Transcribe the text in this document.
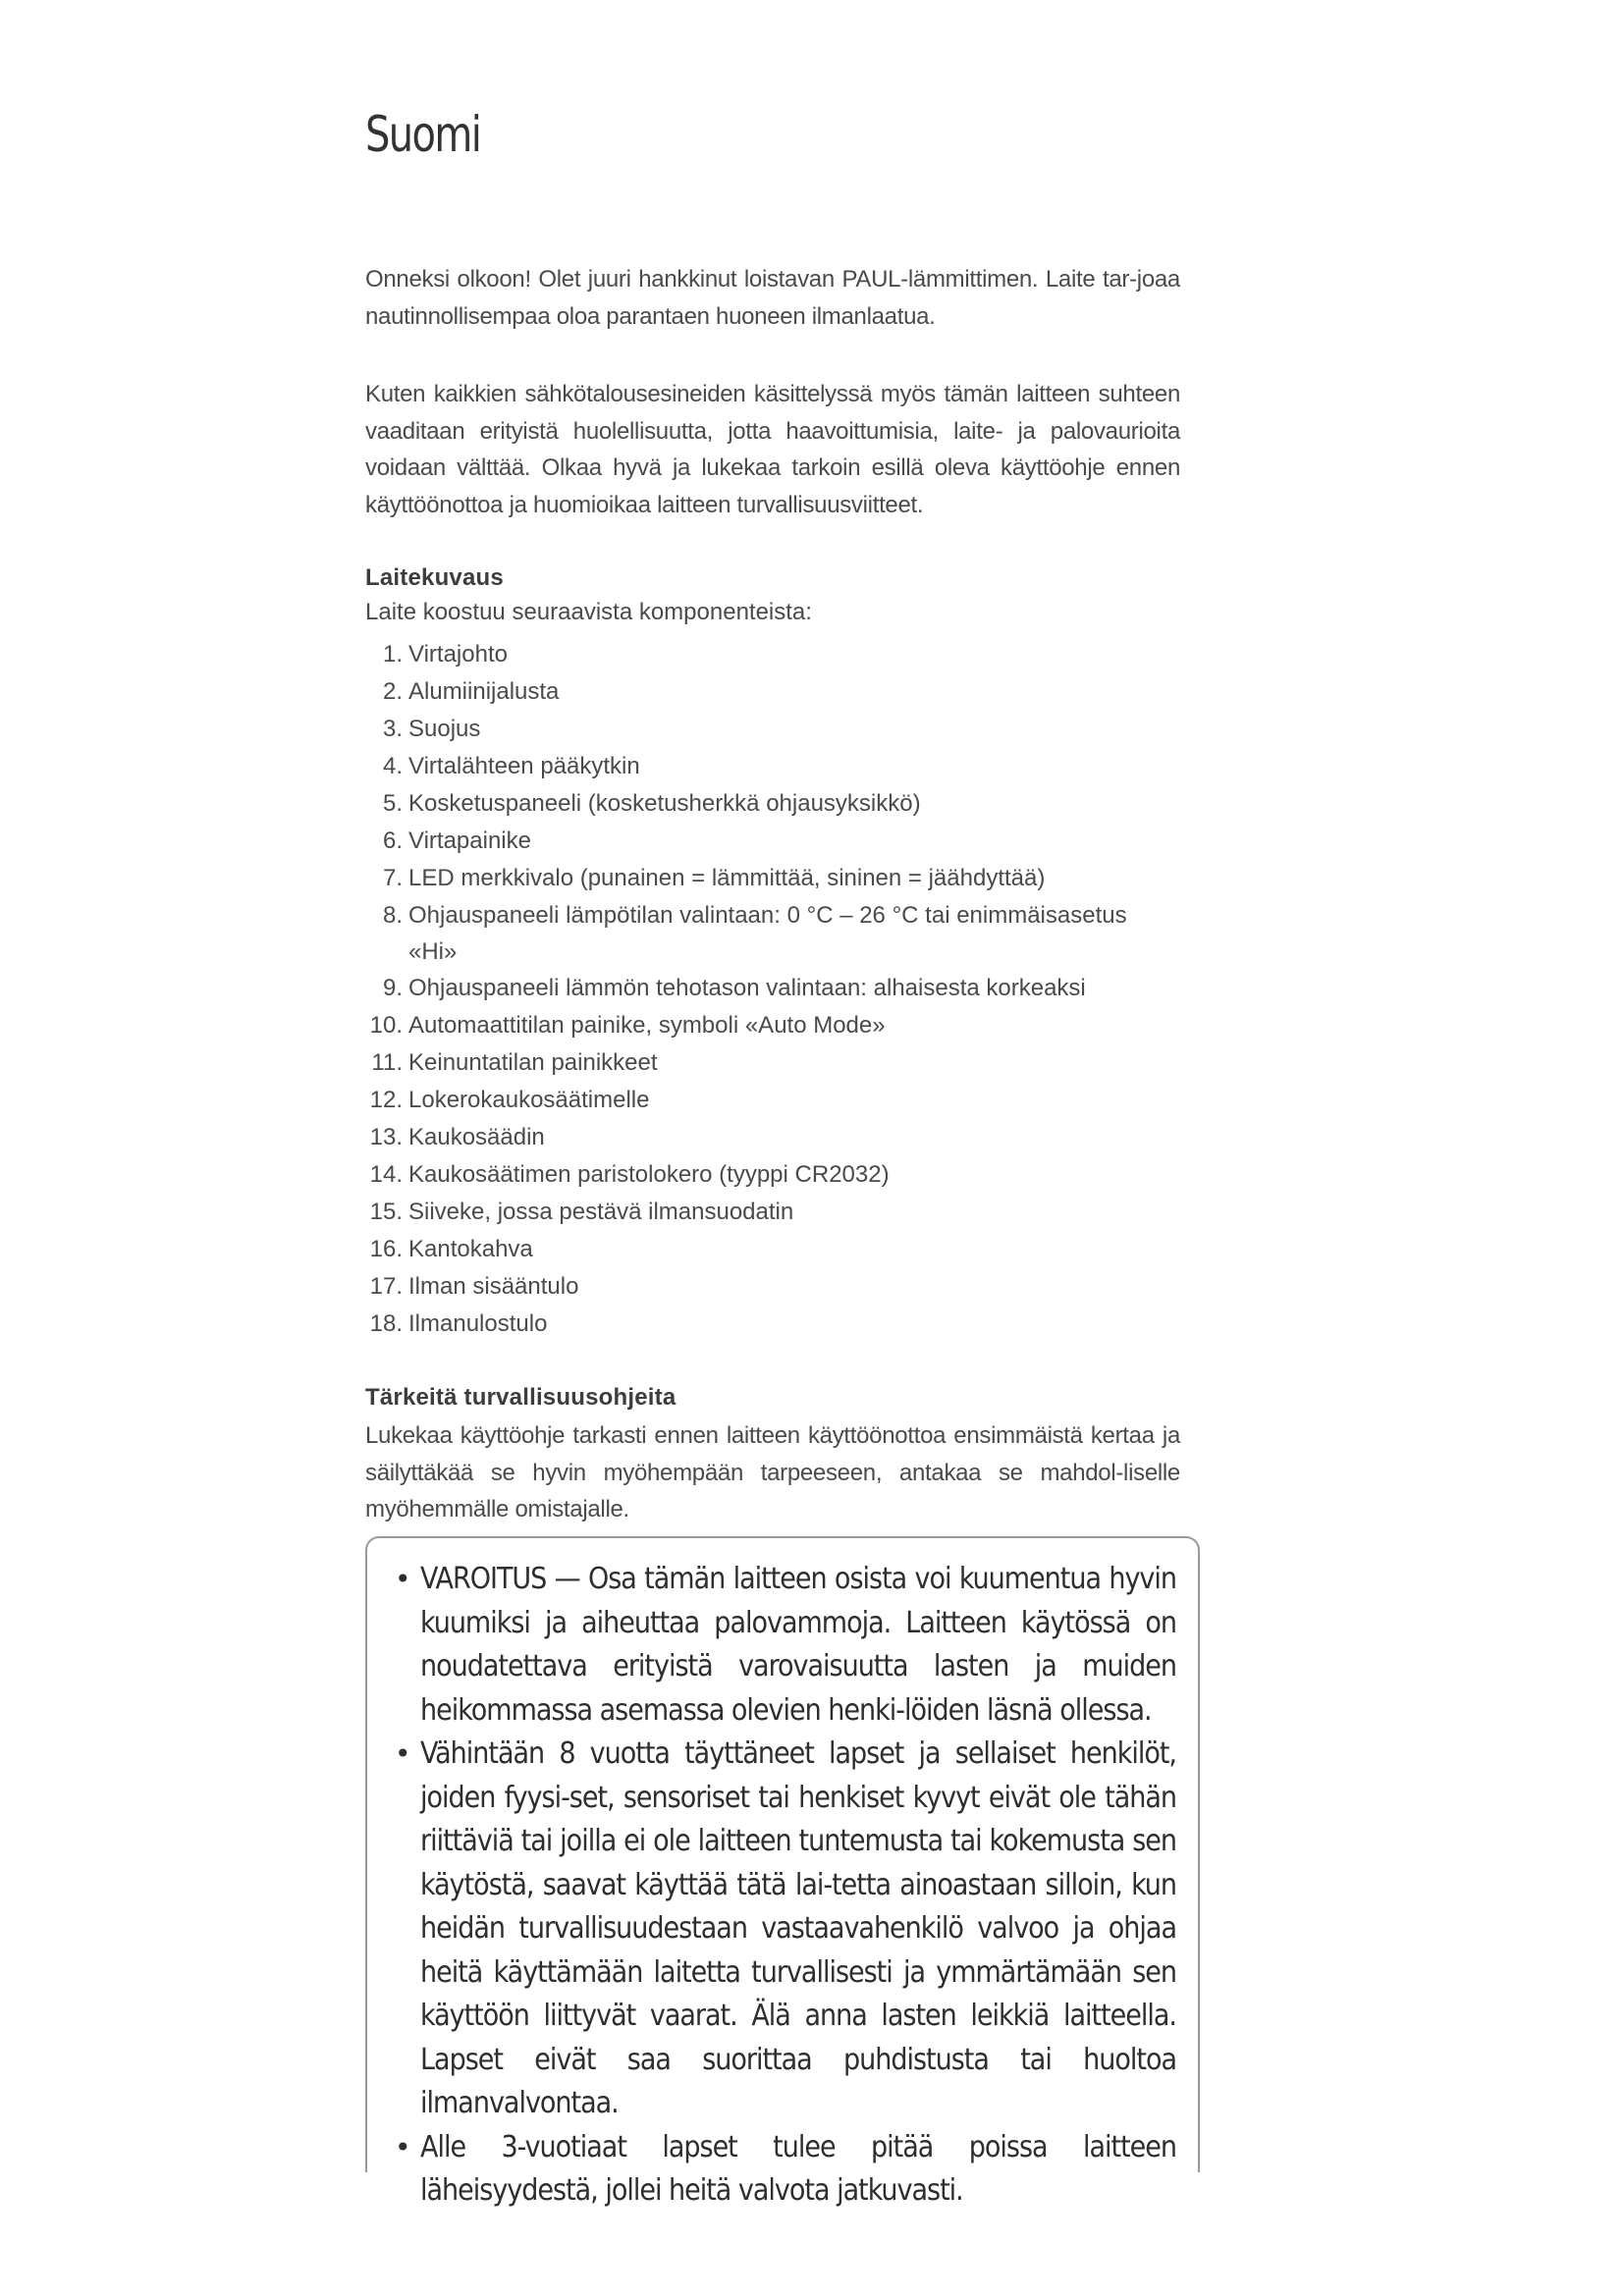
Suomi

Onneksi olkoon! Olet juuri hankkinut loistavan PAUL-lämmittimen. Laite tar-joaa nautinnollisempaa oloa parantaen huoneen ilmanlaatua.

Kuten kaikkien sähkötalousesineiden käsittelyssä myös tämän laitteen suhteen vaaditaan erityistä huolellisuutta, jotta haavoittumisia, laite- ja palovaurioita voidaan välttää. Olkaa hyvä ja lukekaa tarkoin esillä oleva käyttöohje ennen käyttöönottoa ja huomioikaa laitteen turvallisuusviitteet.

Laitekuvaus

Laite koostuu seuraavista komponenteista:

1. Virtajohto
2. Alumiinijalusta
3. Suojus
4. Virtalähteen pääkytkin
5. Kosketuspaneeli (kosketusherkkä ohjausyksikkö)
6. Virtapainike
7. LED merkkivalo (punainen = lämmittää, sininen = jäähdyttää)
8. Ohjauspaneeli lämpötilan valintaan: 0 °C – 26 °C tai enimmäisasetus «Hi»
9. Ohjauspaneeli lämmön tehotason valintaan: alhaisesta korkeaksi
10. Automaattitilan painike, symboli «Auto Mode»
11. Keinuntatilan painikkeet
12. Lokerokaukosäätimelle
13. Kaukosäädin
14. Kaukosäätimen paristolokero (tyyppi CR2032)
15. Siiveke, jossa pestävä ilmansuodatin
16. Kantokahva
17. Ilman sisääntulo
18. Ilmanulostulo
Tärkeitä turvallisuusohjeita

Lukekaa käyttöohje tarkasti ennen laitteen käyttöönottoa ensimmäistä kertaa ja säilyttäkää se hyvin myöhempään tarpeeseen, antakaa se mahdol-liselle myöhemmälle omistajalle.

• VAROITUS — Osa tämän laitteen osista voi kuumentua hyvin kuumiksi ja aiheuttaa palovammoja. Laitteen käytössä on noudatettava erityistä varovaisuutta lasten ja muiden heikommassa asemassa olevien henki-löiden läsnä ollessa.
• Vähintään 8 vuotta täyttäneet lapset ja sellaiset henkilöt, joiden fyysi-set, sensoriset tai henkiset kyvyt eivät ole tähän riittäviä tai joilla ei ole laitteen tuntemusta tai kokemusta sen käytöstä, saavat käyttää tätä lai-tetta ainoastaan silloin, kun heidän turvallisuudestaan vastaavahenkilö valvoo ja ohjaa heitä käyttämään laitetta turvallisesti ja ymmärtämään sen käyttöön liittyvät vaarat. Älä anna lasten leikkiä laitteella. Lapset eivät saa suorittaa puhdistusta tai huoltoa ilmanvalvontaa.
• Alle 3-vuotiaat lapset tulee pitää poissa laitteen läheisyydestä, jollei heitä valvota jatkuvasti.
